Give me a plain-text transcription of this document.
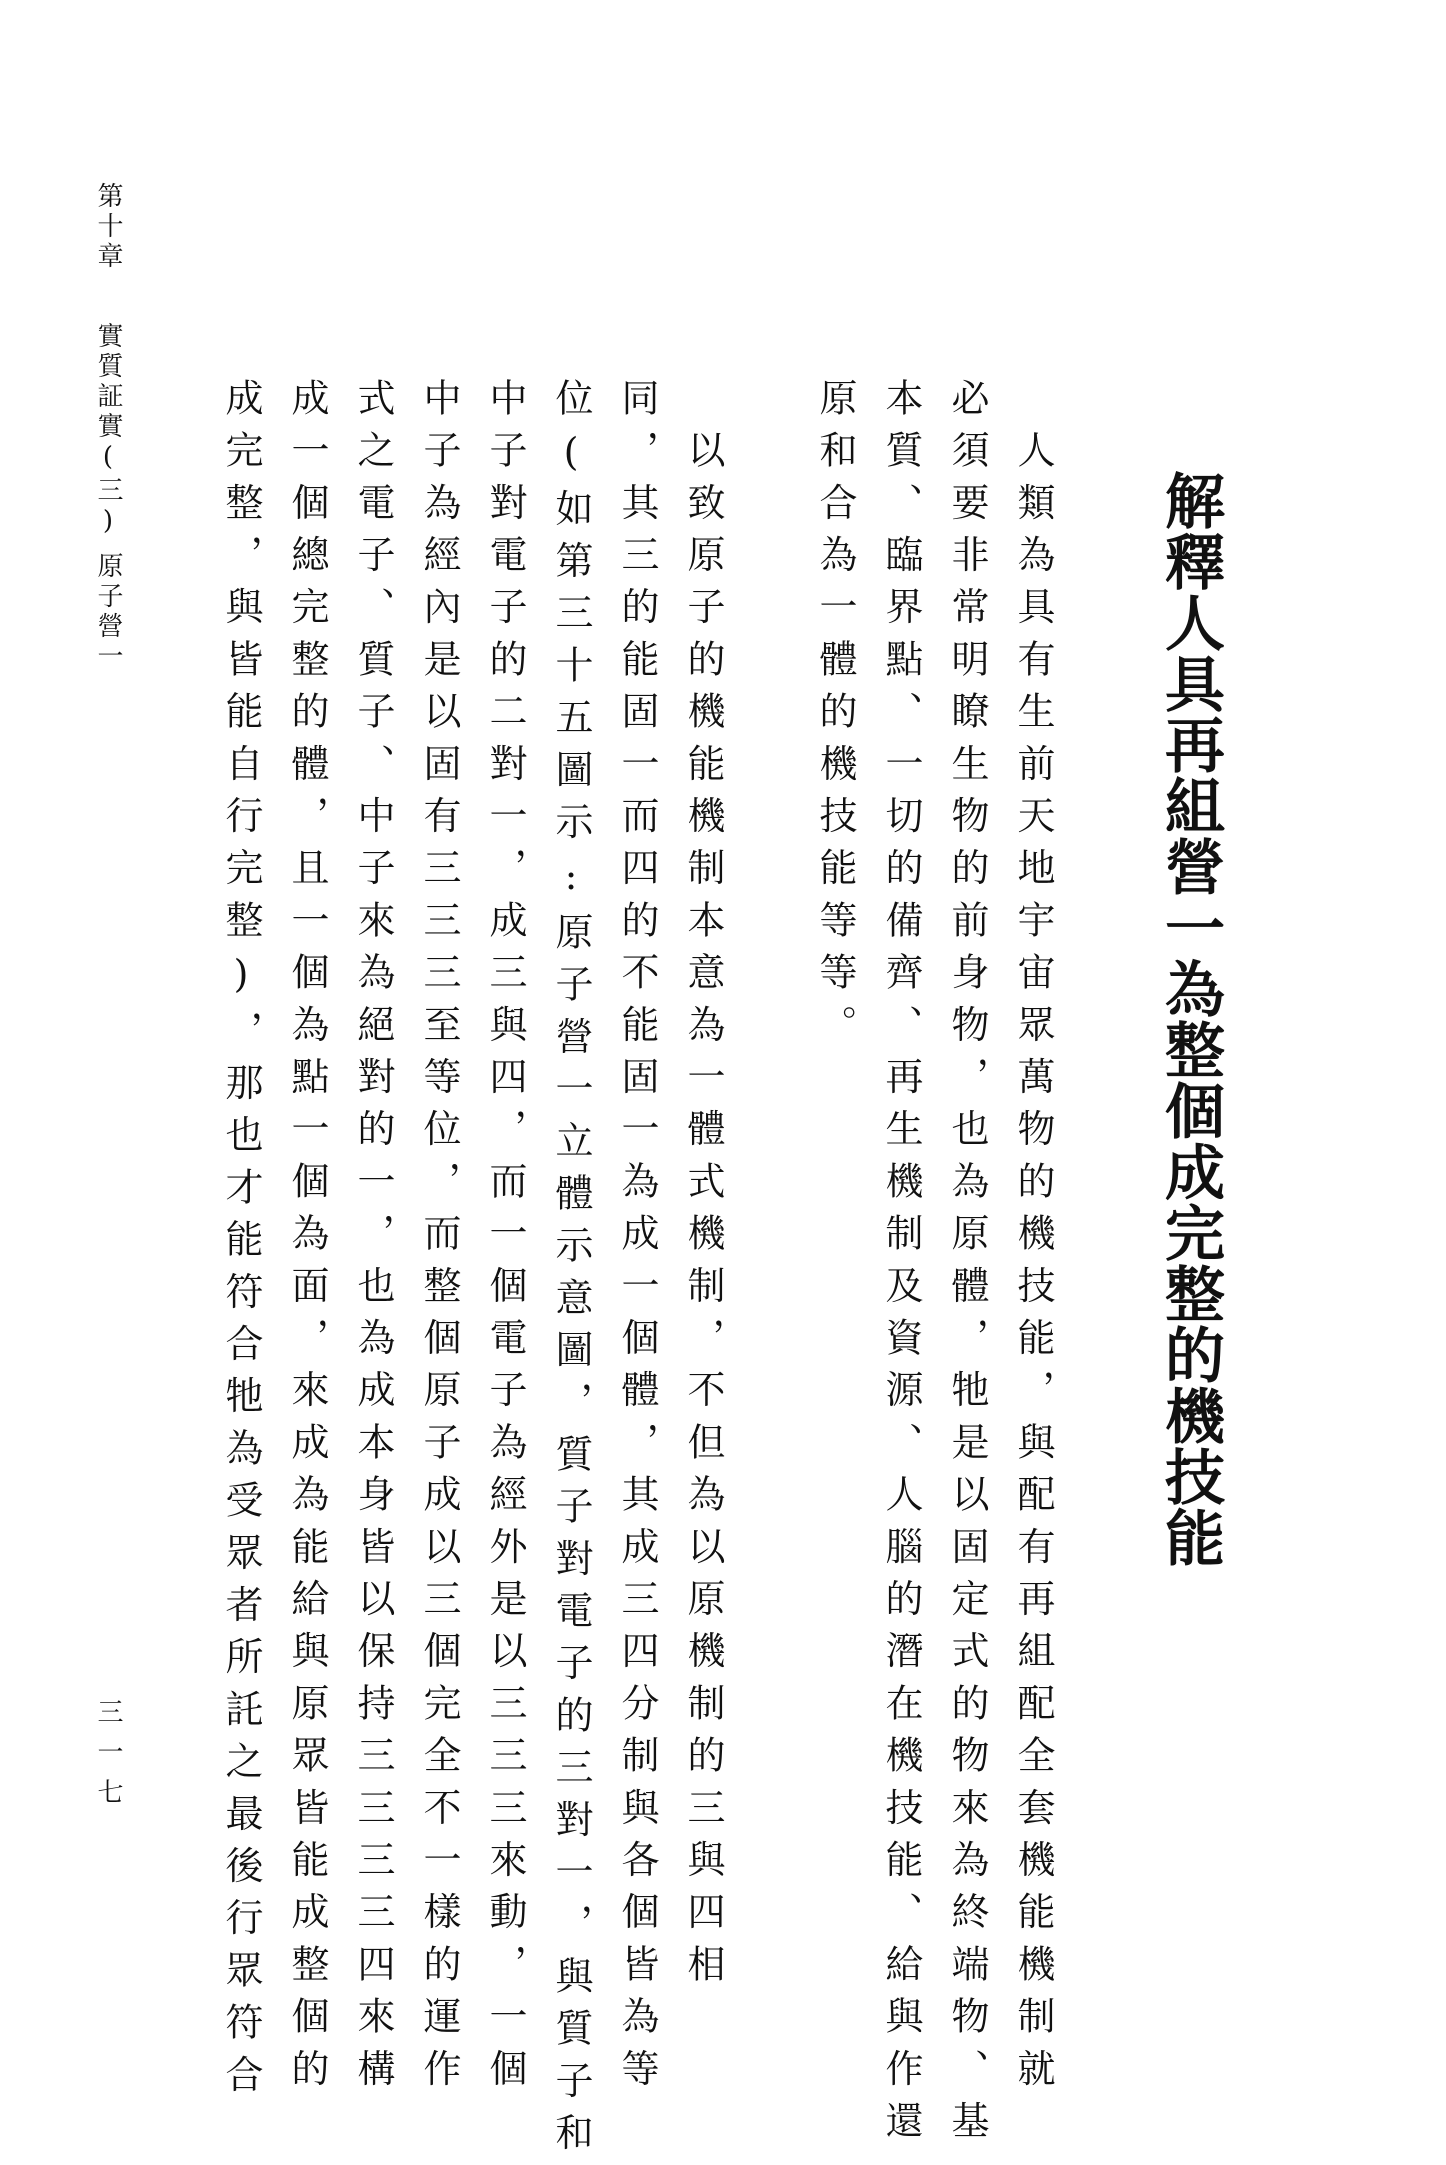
解釋人具再組營一為整個成完整的機技能
　人類為具有生前天地宇宙眾萬物的機技能，與配有再組配全套機能機制就
必須要非常明瞭生物的前身物，也為原體，牠是以固定式的物來為終端物、基
本質、臨界點、一切的備齊、再生機制及資源、人腦的潛在機技能、給與作還
原和合為一體的機技能等等。
　以致原子的機能機制本意為一體式機制，不但為以原機制的三與四相
同，其三的能固一而四的不能固一為成一個體，其成三四分制與各個皆為等
位(如第三十五圖示:原子營一立體示意圖，質子對電子的三對一，與質子和
中子對電子的二對一，成三與四，而一個電子為經外是以三三三來動，一個
中子為經內是以固有三三三至等位，而整個原子成以三個完全不一樣的運作
式之電子、質子、中子來為絕對的一，也為成本身皆以保持三三三三四來構
成一個總完整的體，且一個為點一個為面，來成為能給與原眾皆能成整個的
成完整，與皆能自行完整)，那也才能符合牠為受眾者所託之最後行眾符合
第十章
實質証實(三)
原子營一
三一七
